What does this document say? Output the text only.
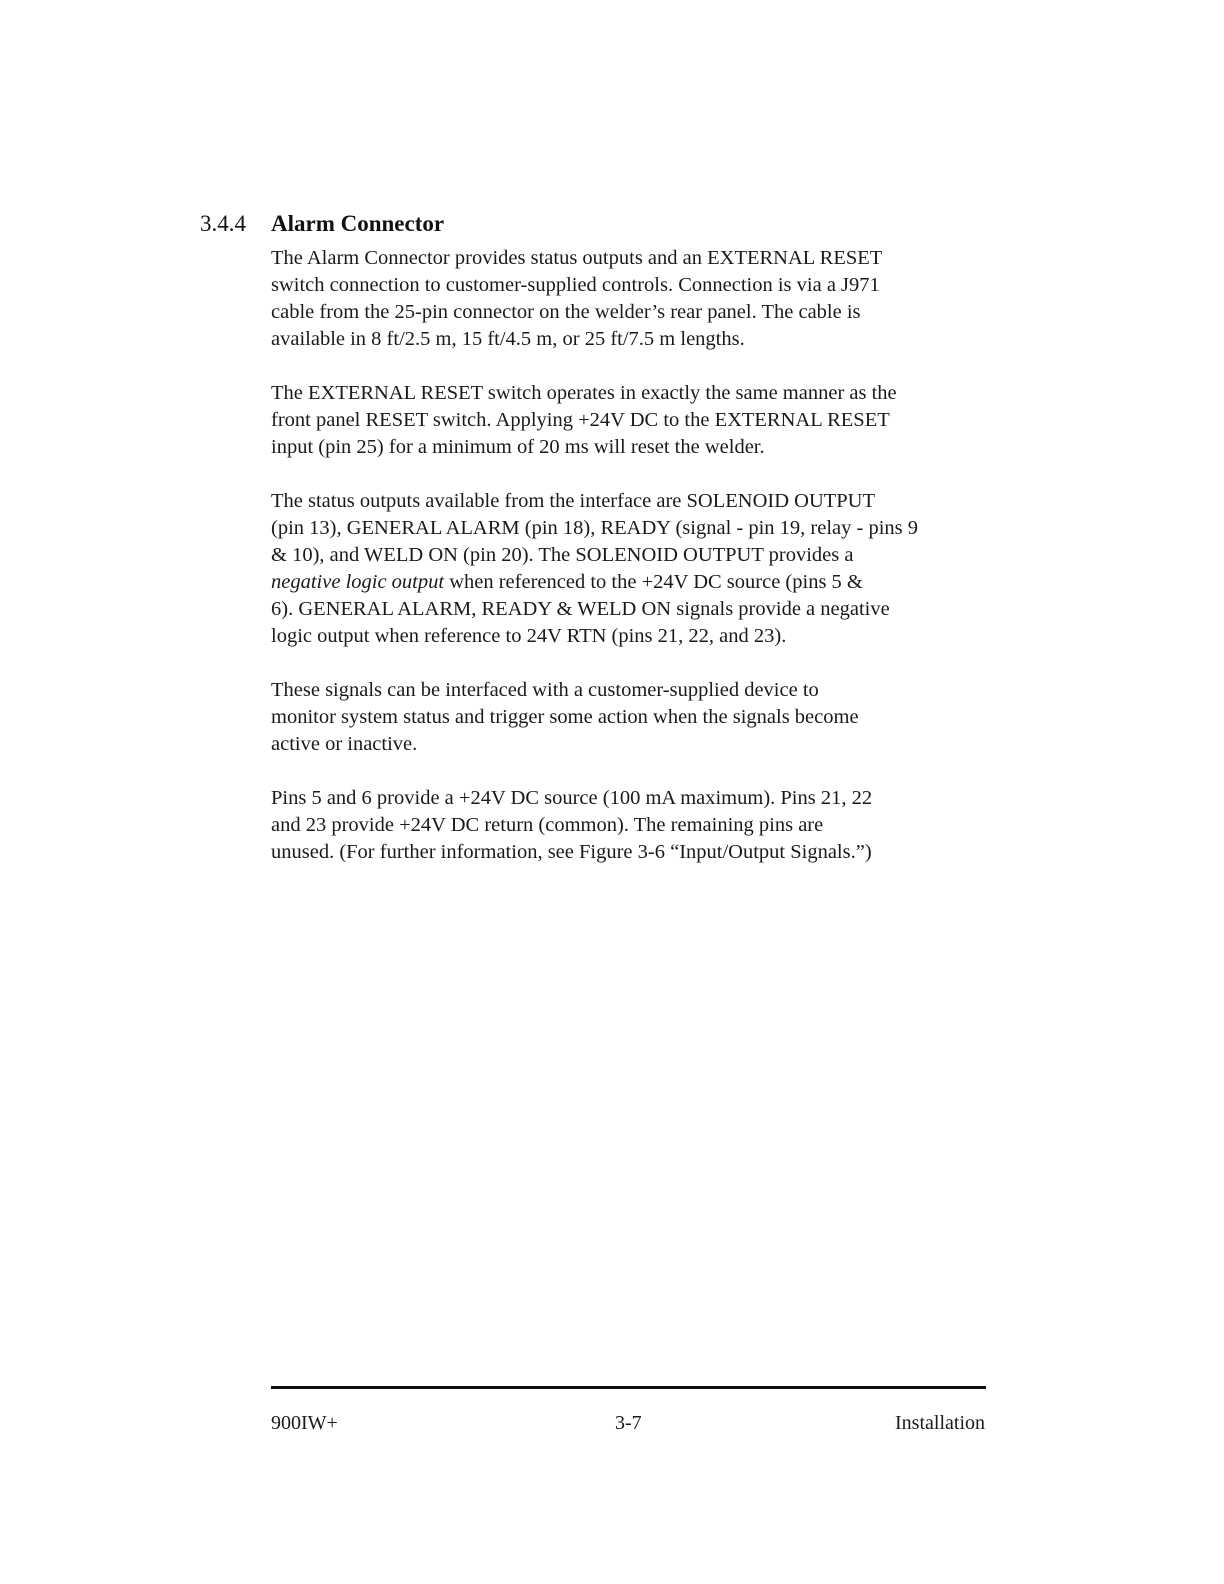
3.4.4 Alarm Connector

The Alarm Connector provides status outputs and an EXTERNAL RESET
switch connection to customer-supplied controls. Connection is via a J971
cable from the 25-pin connector on the welder’s rear panel. The cable is
available in 8 ft/2.5 m, 15 ft/4.5 m, or 25 ft/7.5 m lengths.

The EXTERNAL RESET switch operates in exactly the same manner as the
front panel RESET switch. Applying +24V DC to the EXTERNAL RESET
input (pin 25) for a minimum of 20 ms will reset the welder.

The status outputs available from the interface are SOLENOID OUTPUT
(pin 13), GENERAL ALARM (pin 18), READY (signal - pin 19, relay - pins 9
& 10), and WELD ON (pin 20). The SOLENOID OUTPUT provides a
negative logic output when referenced to the +24V DC source (pins 5 &
6). GENERAL ALARM, READY & WELD ON signals provide a negative
logic output when reference to 24V RTN (pins 21, 22, and 23).

These signals can be interfaced with a customer-supplied device to
monitor system status and trigger some action when the signals become
active or inactive.

Pins 5 and 6 provide a +24V DC source (100 mA maximum). Pins 21, 22
and 23 provide +24V DC return (common). The remaining pins are
unused. (For further information, see Figure 3-6 “Input/Output Signals.”)

900IW+	3-7	Installation
